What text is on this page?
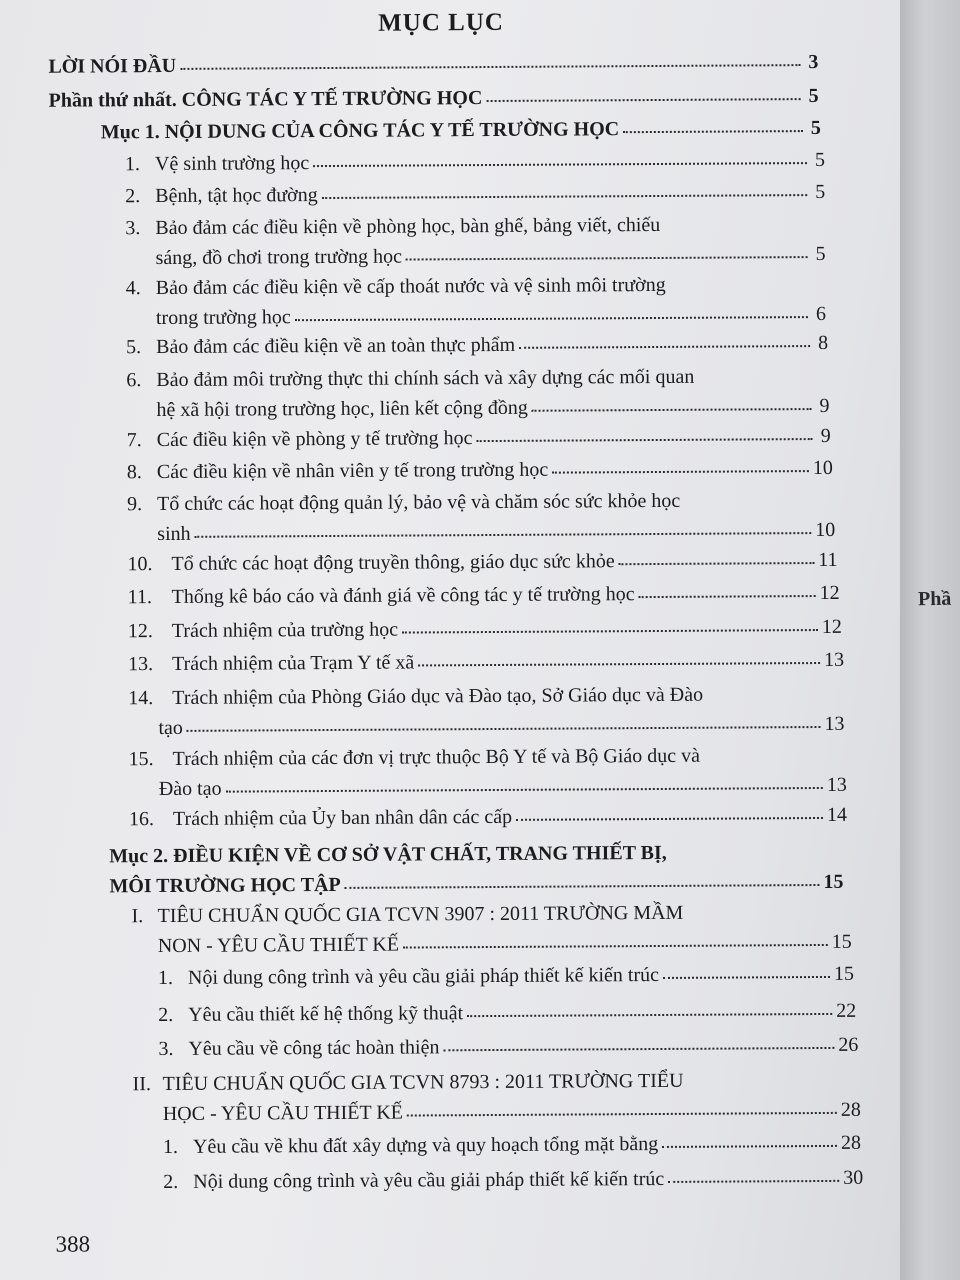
MỤC LỤC
LỜI NÓI ĐẦU	3
Phần thứ nhất. CÔNG TÁC Y TẾ TRƯỜNG HỌC	5
Mục 1. NỘI DUNG CỦA CÔNG TÁC Y TẾ TRƯỜNG HỌC	5
1. Vệ sinh trường học	5
2. Bệnh, tật học đường	5
3. Bảo đảm các điều kiện về phòng học, bàn ghế, bảng viết, chiếu
sáng, đồ chơi trong trường học	5
4. Bảo đảm các điều kiện về cấp thoát nước và vệ sinh môi trường
trong trường học	6
5. Bảo đảm các điều kiện về an toàn thực phẩm	8
6. Bảo đảm môi trường thực thi chính sách và xây dựng các mối quan
hệ xã hội trong trường học, liên kết cộng đồng	9
7. Các điều kiện về phòng y tế trường học	9
8. Các điều kiện về nhân viên y tế trong trường học	10
9. Tổ chức các hoạt động quản lý, bảo vệ và chăm sóc sức khỏe học
sinh	10
10. Tổ chức các hoạt động truyền thông, giáo dục sức khỏe	11
11. Thống kê báo cáo và đánh giá về công tác y tế trường học	12
12. Trách nhiệm của trường học	12
13. Trách nhiệm của Trạm Y tế xã	13
14. Trách nhiệm của Phòng Giáo dục và Đào tạo, Sở Giáo dục và Đào
tạo	13
15. Trách nhiệm của các đơn vị trực thuộc Bộ Y tế và Bộ Giáo dục và
Đào tạo	13
16. Trách nhiệm của Ủy ban nhân dân các cấp	14
Mục 2. ĐIỀU KIỆN VỀ CƠ SỞ VẬT CHẤT, TRANG THIẾT BỊ,
MÔI TRƯỜNG HỌC TẬP	15
I. TIÊU CHUẨN QUỐC GIA TCVN 3907 : 2011 TRƯỜNG MẦM
NON - YÊU CẦU THIẾT KẾ	15
1. Nội dung công trình và yêu cầu giải pháp thiết kế kiến trúc	15
2. Yêu cầu thiết kế hệ thống kỹ thuật	22
3. Yêu cầu về công tác hoàn thiện	26
II. TIÊU CHUẨN QUỐC GIA TCVN 8793 : 2011 TRƯỜNG TIỂU
HỌC - YÊU CẦU THIẾT KẾ	28
1. Yêu cầu về khu đất xây dựng và quy hoạch tổng mặt bằng	28
2. Nội dung công trình và yêu cầu giải pháp thiết kế kiến trúc	30
388
Phầ
